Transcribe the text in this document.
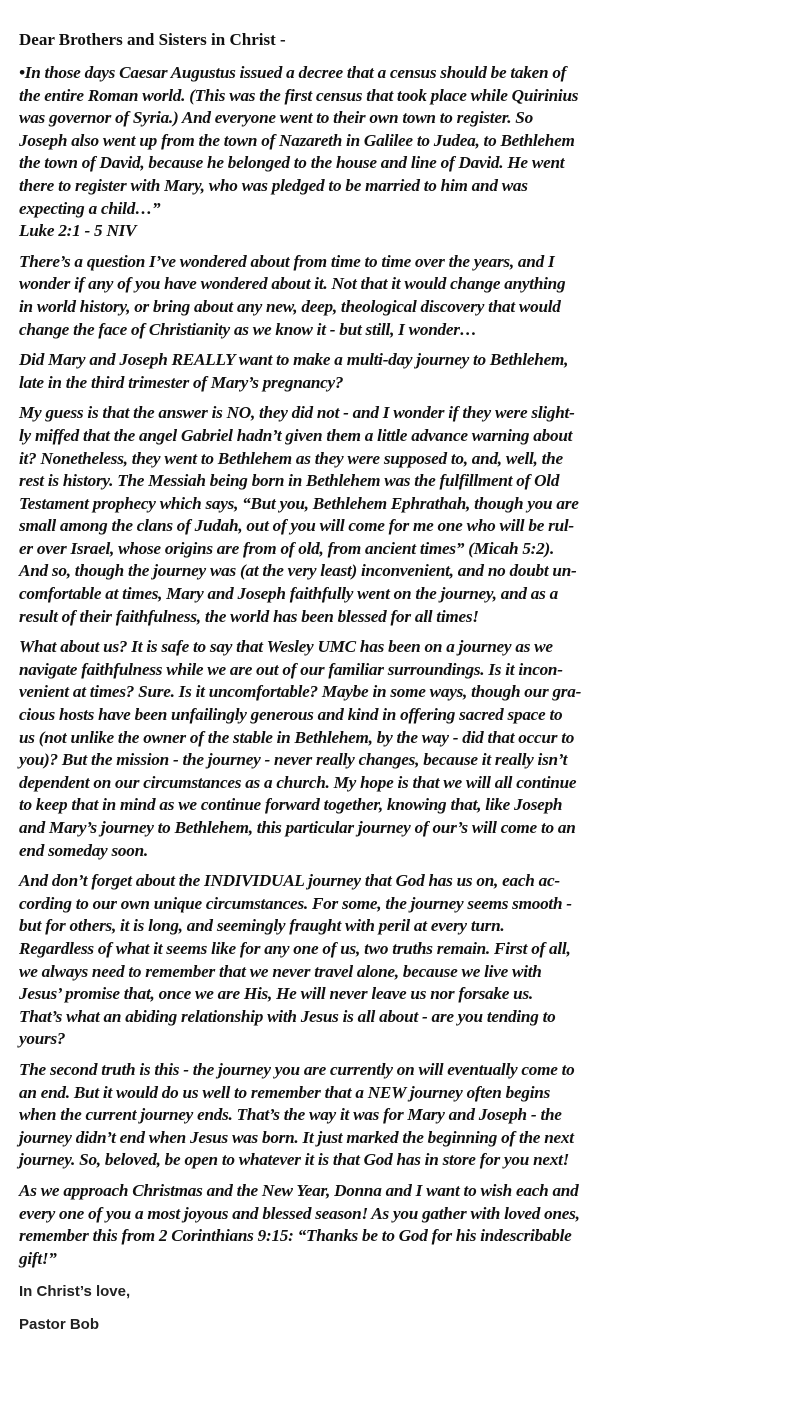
Dear Brothers and Sisters in Christ -

•In those days Caesar Augustus issued a decree that a census should be taken of
the entire Roman world. (This was the first census that took place while Quirinius
was governor of Syria.) And everyone went to their own town to register. So
Joseph also went up from the town of Nazareth in Galilee to Judea, to Bethlehem
the town of David, because he belonged to the house and line of David. He went
there to register with Mary, who was pledged to be married to him and was
expecting a child…”
Luke 2:1 - 5 NIV

There’s a question I’ve wondered about from time to time over the years, and I
wonder if any of you have wondered about it. Not that it would change anything
in world history, or bring about any new, deep, theological discovery that would
change the face of Christianity as we know it - but still, I wonder…

Did Mary and Joseph REALLY want to make a multi-day journey to Bethlehem,
late in the third trimester of Mary’s pregnancy?

My guess is that the answer is NO, they did not - and I wonder if they were slight-
ly miffed that the angel Gabriel hadn’t given them a little advance warning about
it? Nonetheless, they went to Bethlehem as they were supposed to, and, well, the
rest is history. The Messiah being born in Bethlehem was the fulfillment of Old
Testament prophecy which says, “But you, Bethlehem Ephrathah, though you are
small among the clans of Judah, out of you will come for me one who will be rul-
er over Israel, whose origins are from of old, from ancient times” (Micah 5:2).
And so, though the journey was (at the very least) inconvenient, and no doubt un-
comfortable at times, Mary and Joseph faithfully went on the journey, and as a
result of their faithfulness, the world has been blessed for all times!

What about us? It is safe to say that Wesley UMC has been on a journey as we
navigate faithfulness while we are out of our familiar surroundings. Is it incon-
venient at times? Sure. Is it uncomfortable? Maybe in some ways, though our gra-
cious hosts have been unfailingly generous and kind in offering sacred space to
us (not unlike the owner of the stable in Bethlehem, by the way - did that occur to
you)? But the mission - the journey - never really changes, because it really isn’t
dependent on our circumstances as a church. My hope is that we will all continue
to keep that in mind as we continue forward together, knowing that, like Joseph
and Mary’s journey to Bethlehem, this particular journey of our’s will come to an
end someday soon.

And don’t forget about the INDIVIDUAL journey that God has us on, each ac-
cording to our own unique circumstances. For some, the journey seems smooth -
but for others, it is long, and seemingly fraught with peril at every turn.
Regardless of what it seems like for any one of us, two truths remain. First of all,
we always need to remember that we never travel alone, because we live with
Jesus’ promise that, once we are His, He will never leave us nor forsake us.
That’s what an abiding relationship with Jesus is all about - are you tending to
yours?

The second truth is this - the journey you are currently on will eventually come to
an end. But it would do us well to remember that a NEW journey often begins
when the current journey ends. That’s the way it was for Mary and Joseph - the
journey didn’t end when Jesus was born. It just marked the beginning of the next
journey. So, beloved, be open to whatever it is that God has in store for you next!

As we approach Christmas and the New Year, Donna and I want to wish each and
every one of you a most joyous and blessed season! As you gather with loved ones,
remember this from 2 Corinthians 9:15: “Thanks be to God for his indescribable
gift!”

In Christ’s love,

Pastor Bob
